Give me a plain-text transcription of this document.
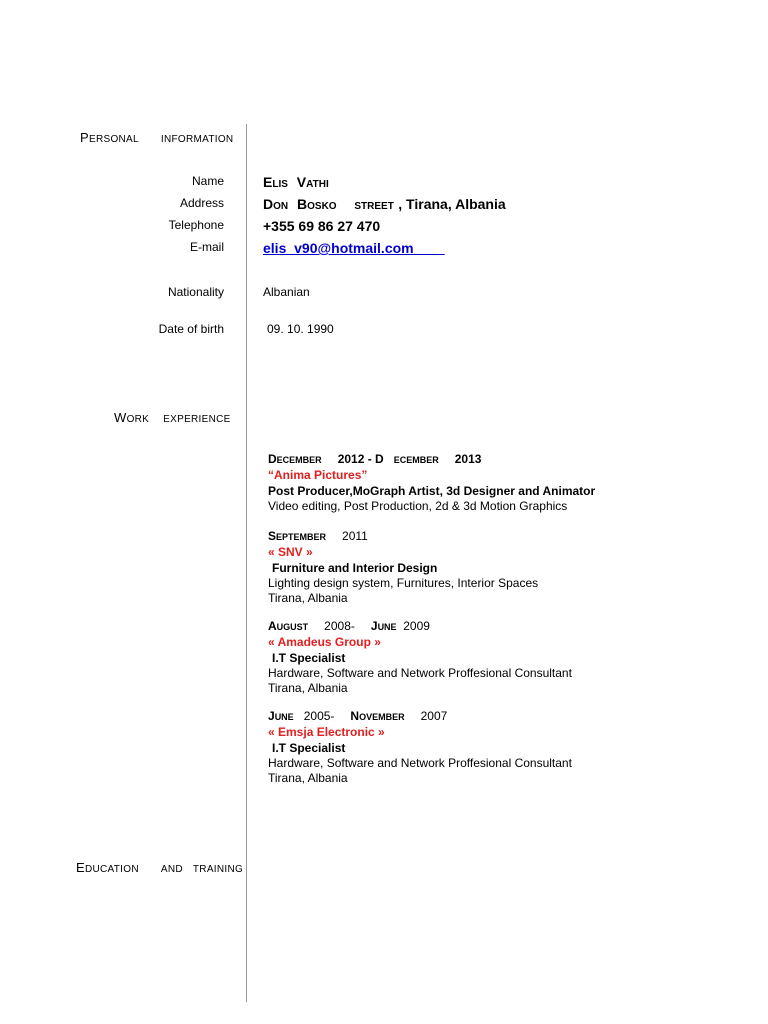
PERSONAL INFORMATION
Name	ELIS VATHI
Address	DON BOSKO STREET , Tirana, Albania
Telephone	+355 69 86 27 470
E-mail	elis_v90@hotmail.com
Nationality	Albanian
Date of birth	09. 10. 1990
WORK EXPERIENCE
DECEMBER 2012 - D ECEMBER 2013
“Anima Pictures”
Post Producer,MoGraph Artist, 3d Designer and Animator
Video editing, Post Production, 2d & 3d Motion Graphics
SEPTEMBER 2011
« SNV »
Furniture and Interior Design
Lighting design system, Furnitures, Interior Spaces
Tirana, Albania
AUGUST 2008- JUNE 2009
« Amadeus Group »
I.T Specialist
Hardware, Software and Network Proffesional Consultant
Tirana, Albania
JUNE 2005- NOVEMBER 2007
« Emsja Electronic »
I.T Specialist
Hardware, Software and Network Proffesional Consultant
Tirana, Albania
EDUCATION AND TRAINING
